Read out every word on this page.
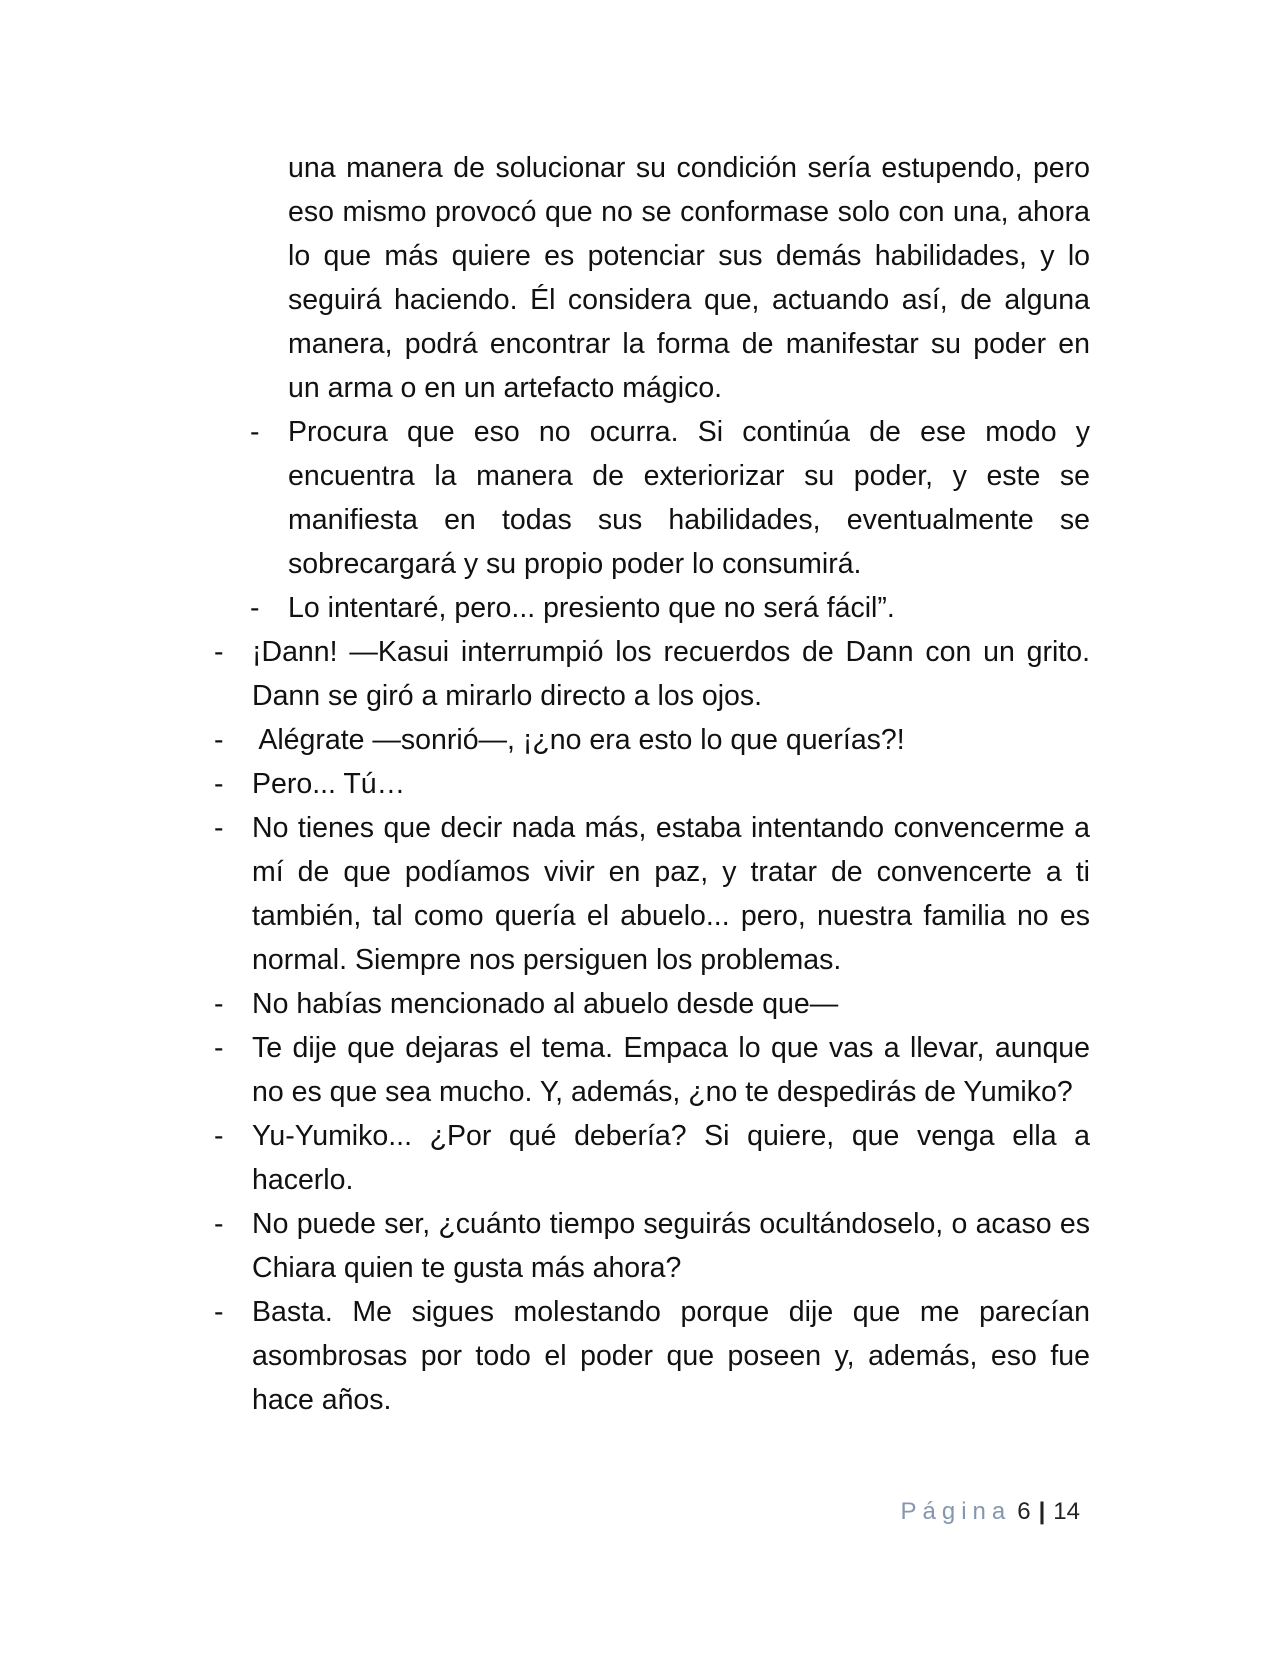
una manera de solucionar su condición sería estupendo, pero eso mismo provocó que no se conformase solo con una, ahora lo que más quiere es potenciar sus demás habilidades, y lo seguirá haciendo. Él considera que, actuando así, de alguna manera, podrá encontrar la forma de manifestar su poder en un arma o en un artefacto mágico.
- Procura que eso no ocurra. Si continúa de ese modo y encuentra la manera de exteriorizar su poder, y este se manifiesta en todas sus habilidades, eventualmente se sobrecargará y su propio poder lo consumirá.
- Lo intentaré, pero... presiento que no será fácil”.
- ¡Dann! —Kasui interrumpió los recuerdos de Dann con un grito. Dann se giró a mirarlo directo a los ojos.
- Alégrate —sonrió—, ¡¿no era esto lo que querías?!
- Pero... Tú…
- No tienes que decir nada más, estaba intentando convencerme a mí de que podíamos vivir en paz, y tratar de convencerte a ti también, tal como quería el abuelo... pero, nuestra familia no es normal. Siempre nos persiguen los problemas.
- No habías mencionado al abuelo desde que—
- Te dije que dejaras el tema. Empaca lo que vas a llevar, aunque no es que sea mucho. Y, además, ¿no te despedirás de Yumiko?
- Yu-Yumiko... ¿Por qué debería? Si quiere, que venga ella a hacerlo.
- No puede ser, ¿cuánto tiempo seguirás ocultándoselo, o acaso es Chiara quien te gusta más ahora?
- Basta. Me sigues molestando porque dije que me parecían asombrosas por todo el poder que poseen y, además, eso fue hace años.
Página 6 | 14
